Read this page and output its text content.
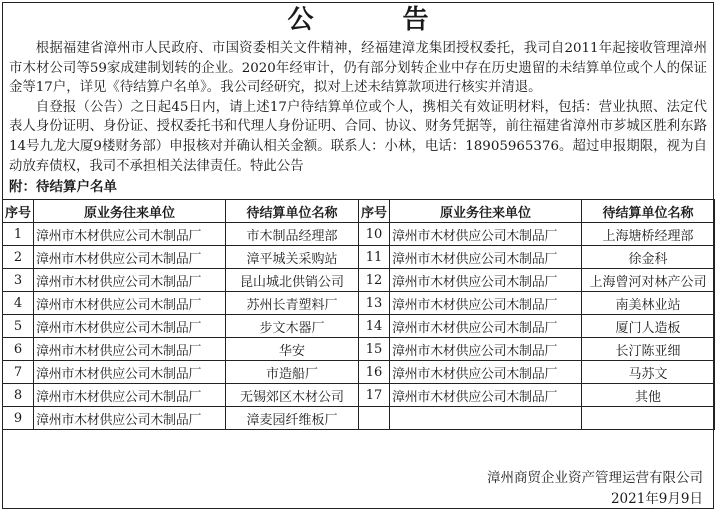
公 告

根据福建省漳州市人民政府、市国资委相关文件精神，经福建漳龙集团授权委托，我司自2011年起接收管理漳州市木材公司等59家成建制划转的企业。2020年经审计，仍有部分划转企业中存在历史遗留的未结算单位或个人的保证金等17户，详见《待结算户名单》。我公司经研究，拟对上述未结算款项进行核实并清退。

自登报（公告）之日起45日内，请上述17户待结算单位或个人，携相关有效证明材料，包括：营业执照、法定代表人身份证明、身份证、授权委托书和代理人身份证明、合同、协议、财务凭据等，前往福建省漳州市芗城区胜利东路14号九龙大厦9楼财务部）申报核对并确认相关金额。联系人：小林，电话：18905965376。超过申报期限，视为自动放弃债权，我司不承担相关法律责任。特此公告

附：待结算户名单
序号	原业务往来单位	待结算单位名称	序号	原业务往来单位	待结算单位名称
1	漳州市木材供应公司木制品厂	市木制品经理部	10	漳州市木材供应公司木制品厂	上海塘桥经理部
2	漳州市木材供应公司木制品厂	漳平城关采购站	11	漳州市木材供应公司木制品厂	徐金科
3	漳州市木材供应公司木制品厂	昆山城北供销公司	12	漳州市木材供应公司木制品厂	上海曾河对林产公司
4	漳州市木材供应公司木制品厂	苏州长青塑料厂	13	漳州市木材供应公司木制品厂	南美林业站
5	漳州市木材供应公司木制品厂	步文木器厂	14	漳州市木材供应公司木制品厂	厦门人造板
6	漳州市木材供应公司木制品厂	华安	15	漳州市木材供应公司木制品厂	长汀陈亚细
7	漳州市木材供应公司木制品厂	市造船厂	16	漳州市木材供应公司木制品厂	马苏文
8	漳州市木材供应公司木制品厂	无锡郊区木材公司	17	漳州市木材供应公司木制品厂	其他
9	漳州市木材供应公司木制品厂	漳麦园纤维板厂			
漳州商贸企业资产管理运营有限公司
2021年9月9日
